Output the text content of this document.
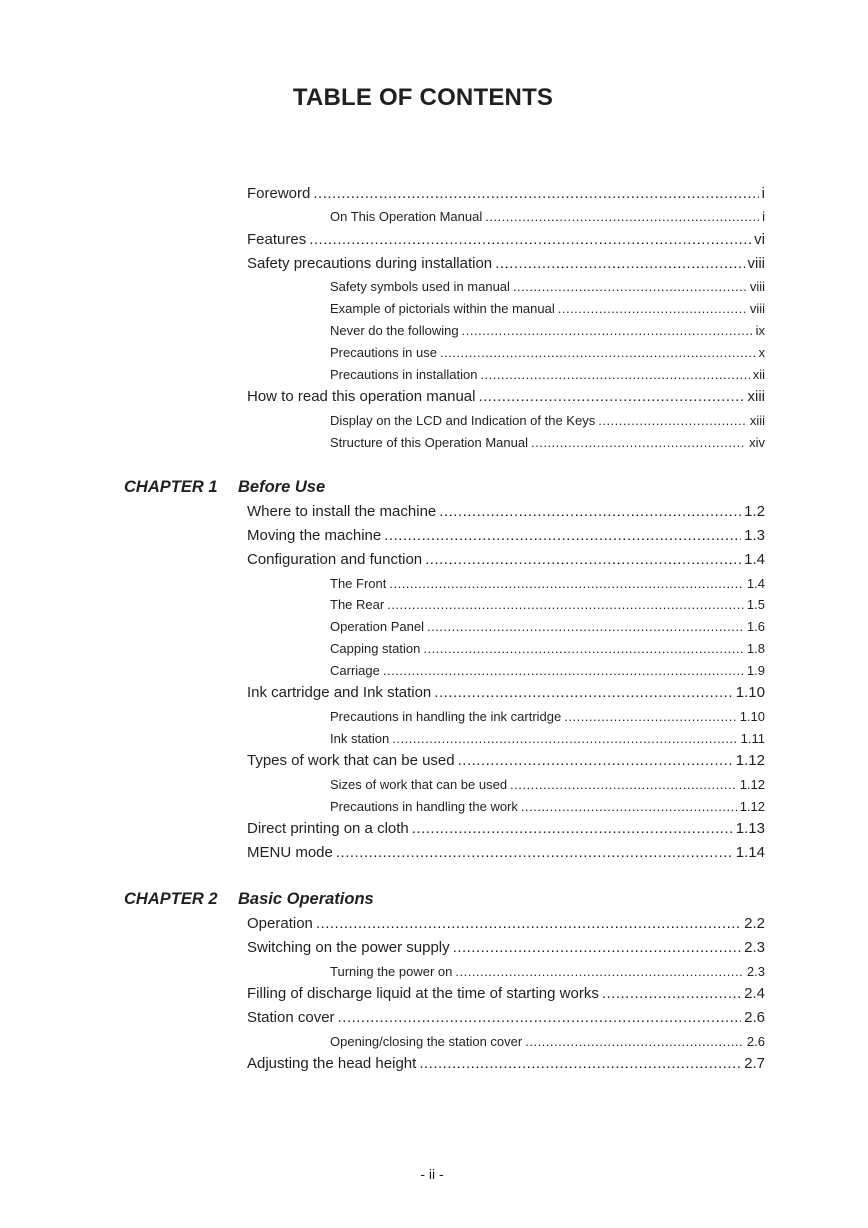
TABLE OF CONTENTS
Foreword .....	i
On This Operation Manual .....	i
Features .....	vi
Safety precautions during installation .....	viii
Safety symbols used in manual .....	viii
Example of pictorials within the manual .....	viii
Never do the following .....	ix
Precautions in use .....	x
Precautions in installation .....	xii
How to read this operation manual .....	xiii
Display on the LCD and Indication of the Keys .....	xiii
Structure of this Operation Manual .....	xiv
CHAPTER 1 Before Use
Where to install the machine .....	1.2
Moving the machine .....	1.3
Configuration and function .....	1.4
The Front .....	1.4
The Rear .....	1.5
Operation Panel .....	1.6
Capping station .....	1.8
Carriage .....	1.9
Ink cartridge and Ink station .....	1.10
Precautions in handling the ink cartridge .....	1.10
Ink station .....	1.11
Types of work that can be used .....	1.12
Sizes of work that can be used .....	1.12
Precautions in handling the work .....	1.12
Direct printing on a cloth .....	1.13
MENU mode .....	1.14
CHAPTER 2 Basic Operations
Operation .....	2.2
Switching on the power supply .....	2.3
Turning the power on .....	2.3
Filling of discharge liquid at the time of starting works .....	2.4
Station cover .....	2.6
Opening/closing the station cover .....	2.6
Adjusting the head height .....	2.7
- ii -
